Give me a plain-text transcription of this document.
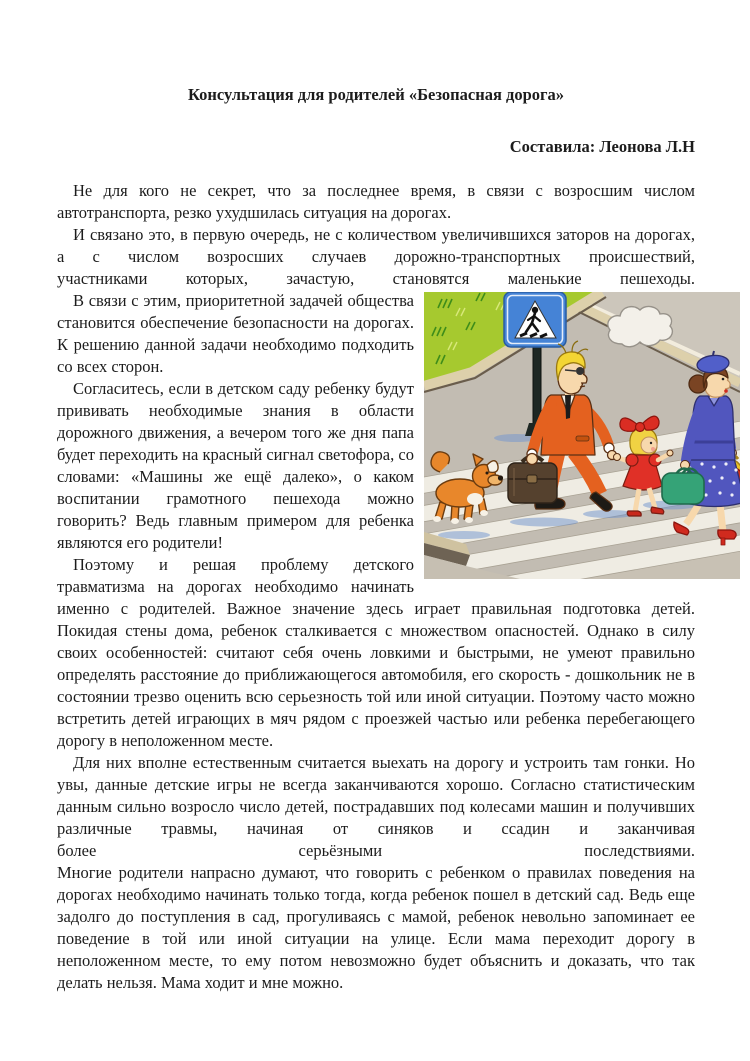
Консультация для родителей «Безопасная дорога»

Составила: Леонова Л.Н

Не для кого не секрет, что за последнее время, в связи с возросшим числом автотранспорта, резко ухудшилась ситуация на дорогах.

И связано это, в первую очередь, не с количеством увеличившихся заторов на дорогах, а с числом возросших случаев дорожно-транспортных происшествий,

участниками которых, зачастую, становятся маленькие пешеходы.

В связи с этим, приоритетной задачей общества становится обеспечение безопасности на дорогах. К решению данной задачи необходимо подходить со всех сторон.

Согласитесь, если в детском саду ребенку будут прививать необходимые знания в области дорожного движения, а вечером того же дня папа будет переходить на красный сигнал светофора, со словами: «Машины же ещё далеко», о каком воспитании грамотного пешехода можно говорить? Ведь главным примером для ребенка являются его родители!

Поэтому и решая проблему детского травматизма на дорогах необходимо начинать именно с родителей. Важное значение здесь играет правильная подготовка детей. Покидая стены дома, ребенок сталкивается с множеством опасностей. Однако в силу своих особенностей: считают себя очень ловкими и быстрыми, не умеют правильно определять расстояние до приближающегося автомобиля, его скорость - дошкольник не в состоянии трезво оценить всю серьезность той или иной ситуации. Поэтому часто можно встретить детей играющих в мяч рядом с проезжей частью или ребенка перебегающего дорогу в неположенном месте.

Для них вполне естественным считается выехать на дорогу и устроить там гонки. Но увы, данные детские игры не всегда заканчиваются хорошо. Согласно статистическим данным сильно возросло число детей, пострадавших под колесами машин и получивших различные травмы, начиная от синяков и ссадин и заканчивая

более серьёзными последствиями.

Многие родители напрасно думают, что говорить с ребенком о правилах поведения на дорогах необходимо начинать только тогда, когда ребенок пошел в детский сад. Ведь еще задолго до поступления в сад, прогуливаясь с мамой, ребенок невольно запоминает ее поведение в той или иной ситуации на улице. Если мама переходит дорогу в неположенном месте, то ему потом невозможно будет объяснить и доказать, что так делать нельзя. Мама ходит и мне можно.
